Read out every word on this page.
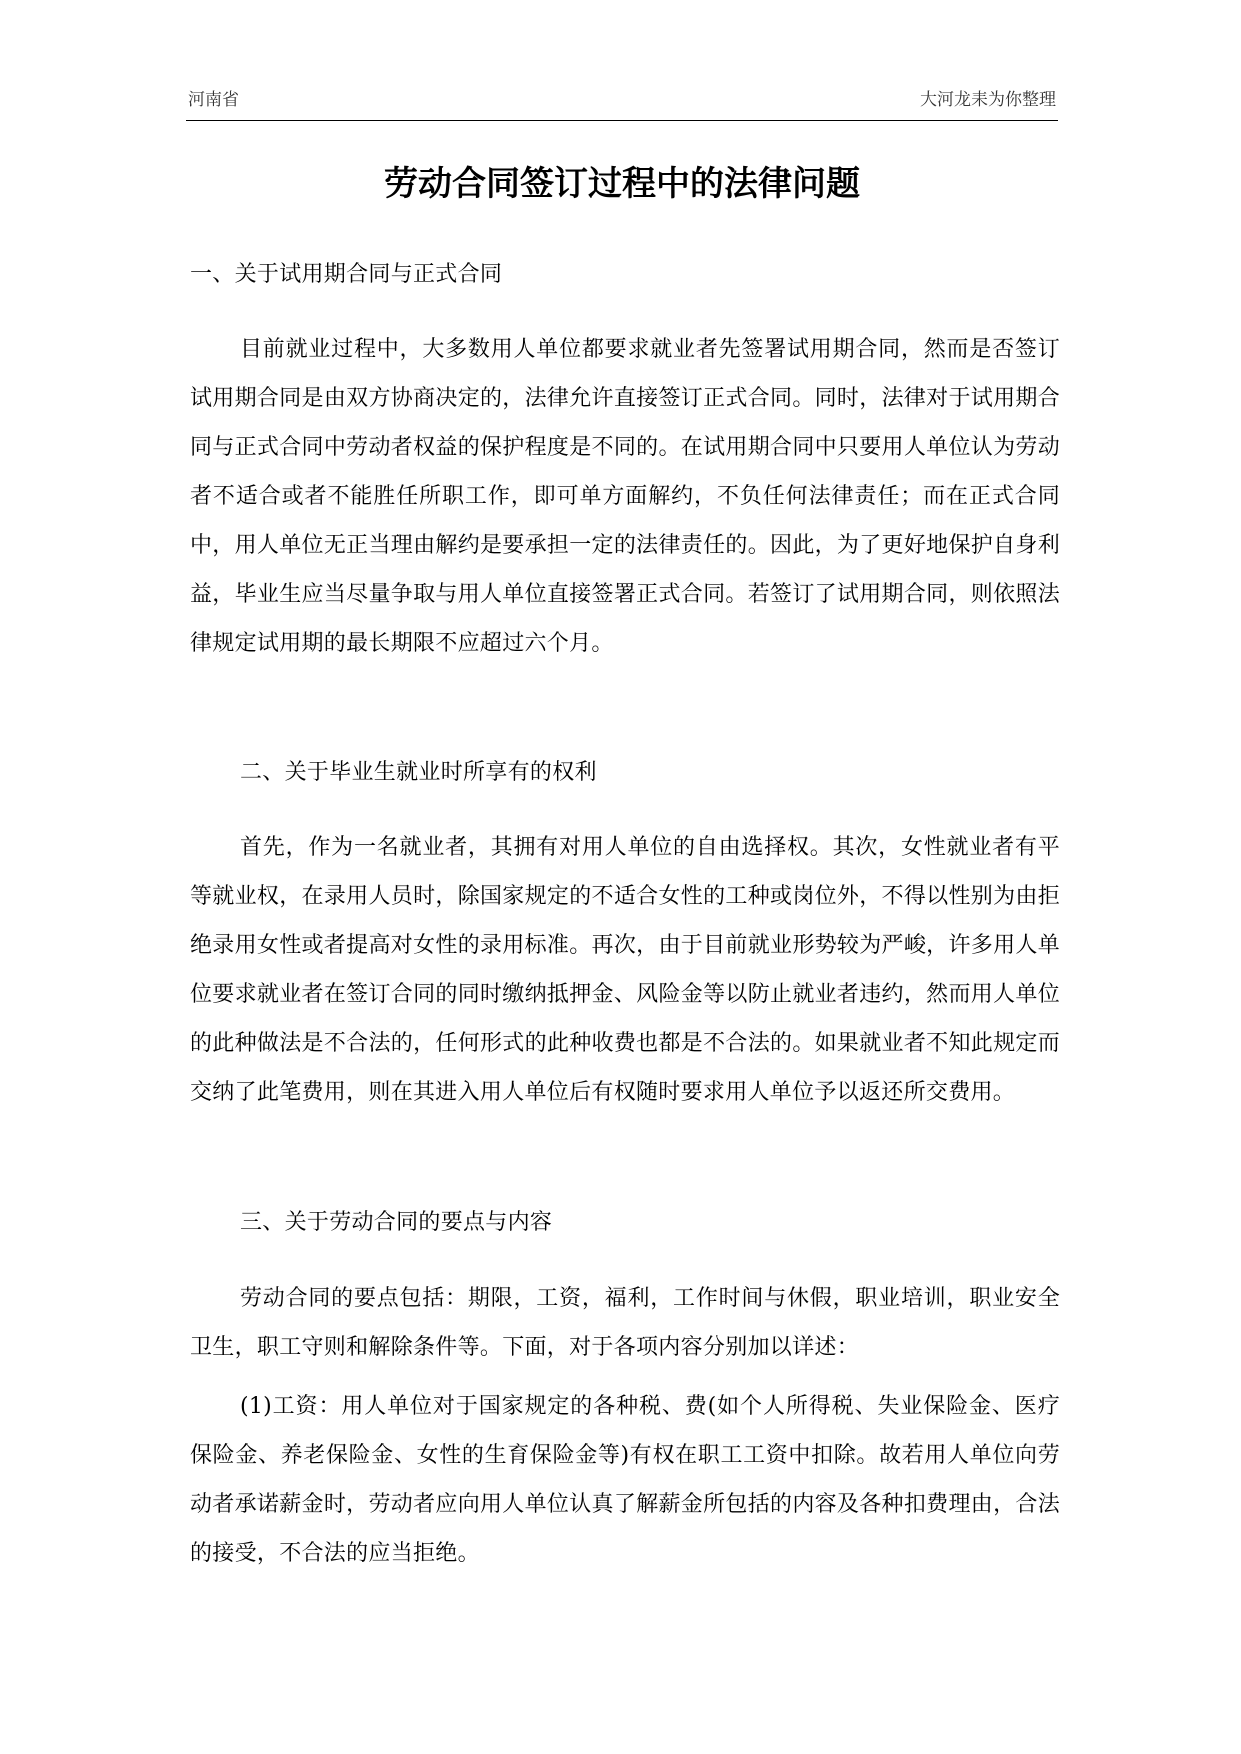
河南省	大河龙耒为你整理
劳动合同签订过程中的法律问题
一、关于试用期合同与正式合同

目前就业过程中，大多数用人单位都要求就业者先签署试用期合同，然而是否签订试用期合同是由双方协商决定的，法律允许直接签订正式合同。同时，法律对于试用期合同与正式合同中劳动者权益的保护程度是不同的。在试用期合同中只要用人单位认为劳动者不适合或者不能胜任所职工作，即可单方面解约，不负任何法律责任；而在正式合同中，用人单位无正当理由解约是要承担一定的法律责任的。因此，为了更好地保护自身利益，毕业生应当尽量争取与用人单位直接签署正式合同。若签订了试用期合同，则依照法律规定试用期的最长期限不应超过六个月。

二、关于毕业生就业时所享有的权利

首先，作为一名就业者，其拥有对用人单位的自由选择权。其次，女性就业者有平等就业权，在录用人员时，除国家规定的不适合女性的工种或岗位外，不得以性别为由拒绝录用女性或者提高对女性的录用标准。再次，由于目前就业形势较为严峻，许多用人单位要求就业者在签订合同的同时缴纳抵押金、风险金等以防止就业者违约，然而用人单位的此种做法是不合法的，任何形式的此种收费也都是不合法的。如果就业者不知此规定而交纳了此笔费用，则在其进入用人单位后有权随时要求用人单位予以返还所交费用。

三、关于劳动合同的要点与内容

劳动合同的要点包括：期限，工资，福利，工作时间与休假，职业培训，职业安全卫生，职工守则和解除条件等。下面，对于各项内容分别加以详述：

(1)工资：用人单位对于国家规定的各种税、费(如个人所得税、失业保险金、医疗保险金、养老保险金、女性的生育保险金等)有权在职工工资中扣除。故若用人单位向劳动者承诺薪金时，劳动者应向用人单位认真了解薪金所包括的内容及各种扣费理由，合法的接受，不合法的应当拒绝。
